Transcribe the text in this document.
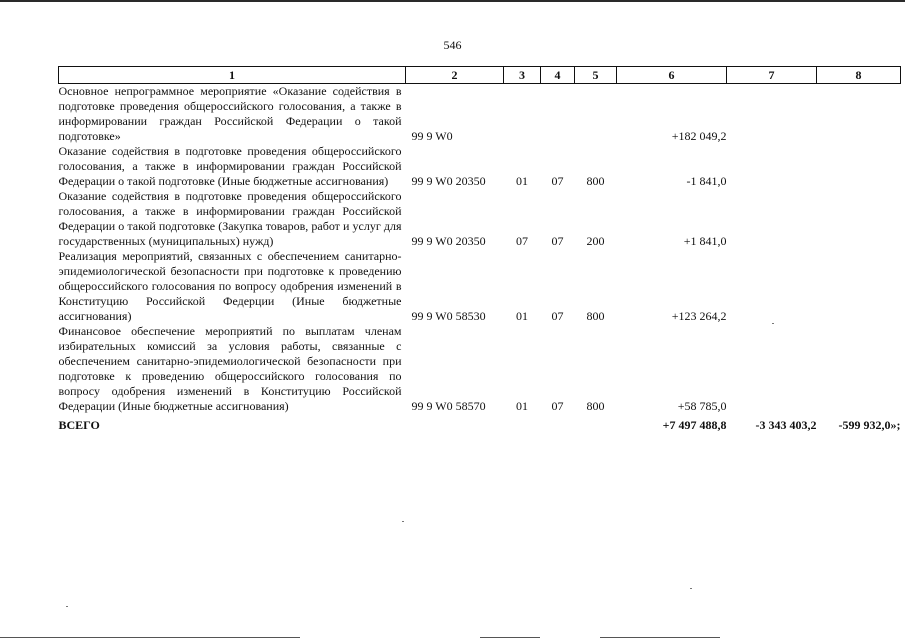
546
1	2	3	4	5	6	7	8
Основное непрограммное мероприятие «Оказание содействия в подготовке проведения общероссийского голосования, а также в информировании граждан Российской Федерации о такой подготовке»	99 9 W0				+182 049,2		
Оказание содействия в подготовке проведения общероссийского голосования, а также в информировании граждан Российской Федерации о такой подготовке (Иные бюджетные ассигнования)	99 9 W0 20350	01	07	800	-1 841,0		
Оказание содействия в подготовке проведения общероссийского голосования, а также в информировании граждан Российской Федерации о такой подготовке (Закупка товаров, работ и услуг для государственных (муниципальных) нужд)	99 9 W0 20350	07	07	200	+1 841,0		
Реализация мероприятий, связанных с обеспечением санитарно-эпидемиологической безопасности при подготовке к проведению общероссийского голосования по вопросу одобрения изменений в Конституцию Российской Федерции (Иные бюджетные ассигнования)	99 9 W0 58530	01	07	800	+123 264,2		
Финансовое обеспечение мероприятий по выплатам членам избирательных комиссий за условия работы, связанные с обеспечением санитарно-эпидемиологической безопасности при подготовке к проведению общероссийского голосования по вопросу одобрения изменений в Конституцию Российской Федерации (Иные бюджетные ассигнования)	99 9 W0 58570	01	07	800	+58 785,0		
ВСЕГО					+7 497 488,8	-3 343 403,2	-599 932,0»;
